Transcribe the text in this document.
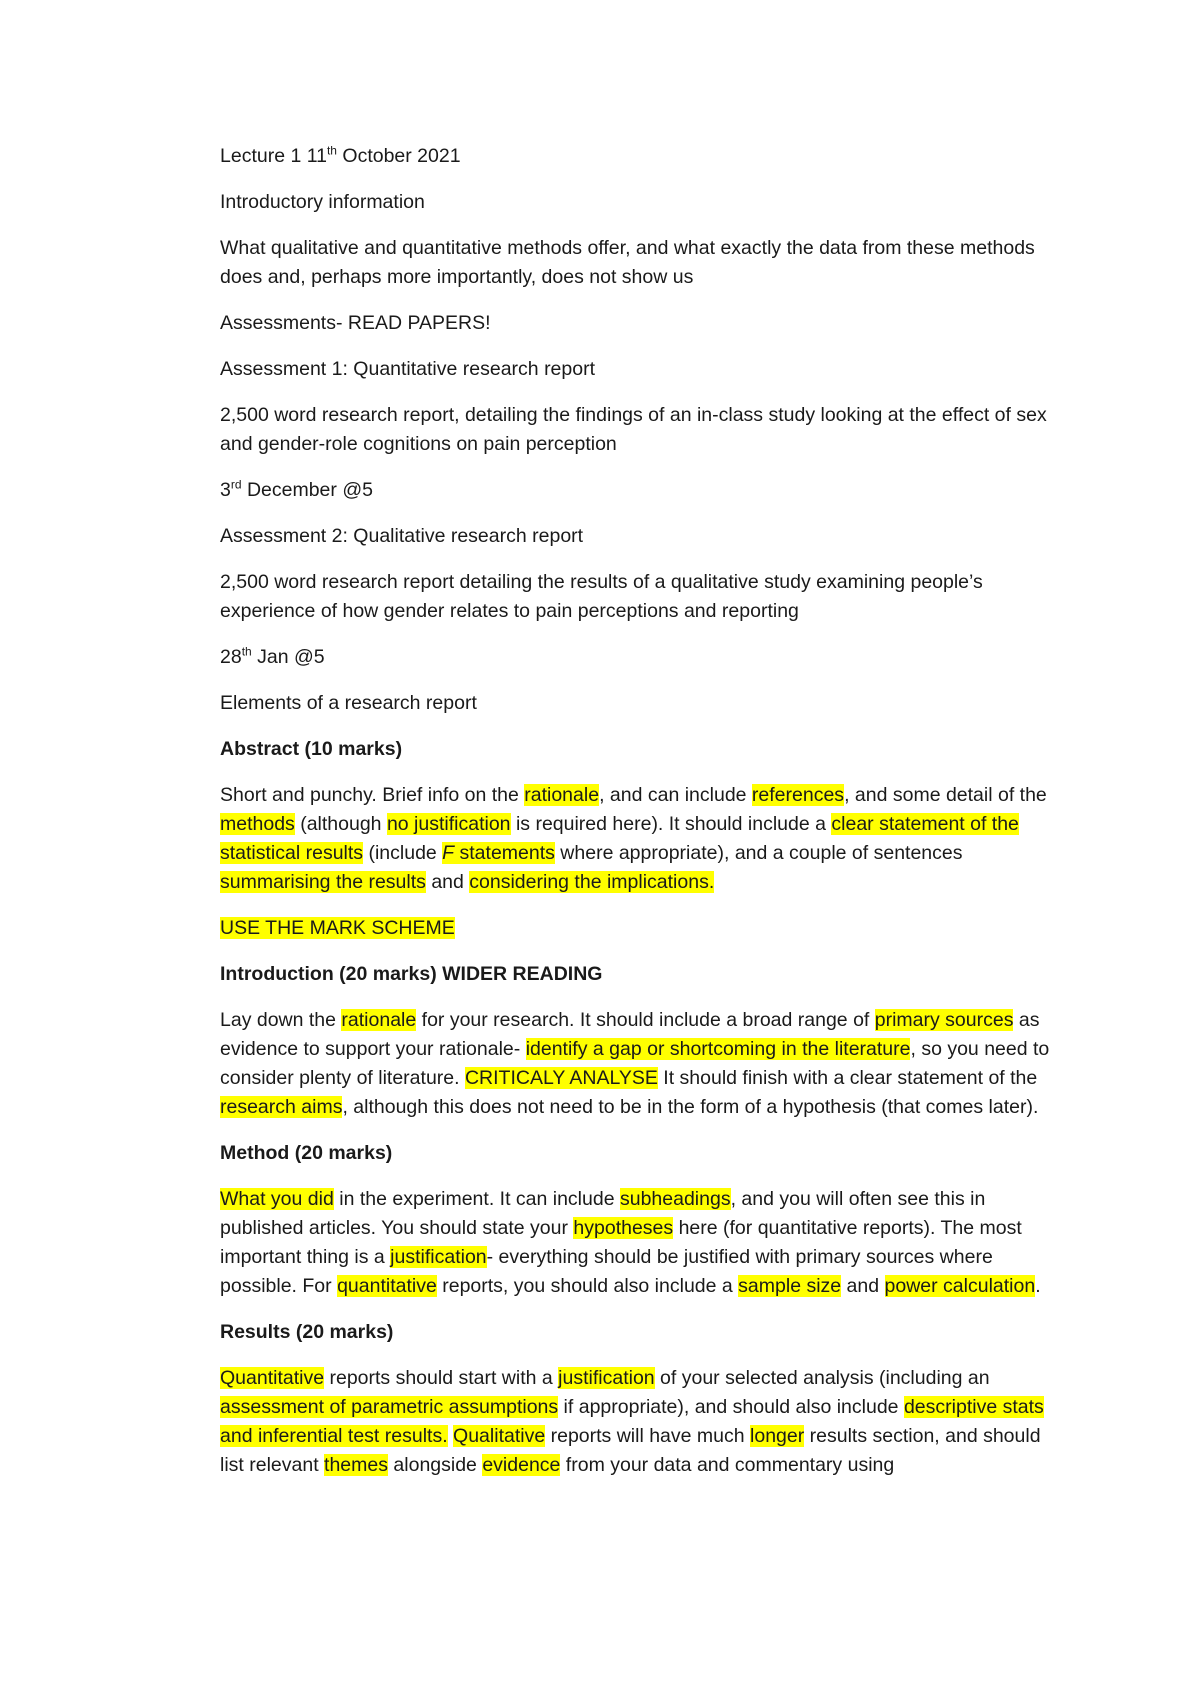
Lecture 1 11th October 2021

Introductory information

What qualitative and quantitative methods offer, and what exactly the data from these methods does and, perhaps more importantly, does not show us

Assessments- READ PAPERS!

Assessment 1: Quantitative research report

2,500 word research report, detailing the findings of an in-class study looking at the effect of sex and gender-role cognitions on pain perception

3rd December @5

Assessment 2: Qualitative research report

2,500 word research report detailing the results of a qualitative study examining people’s experience of how gender relates to pain perceptions and reporting

28th Jan @5

Elements of a research report

Abstract (10 marks)

Short and punchy. Brief info on the rationale, and can include references, and some detail of the methods (although no justification is required here). It should include a clear statement of the statistical results (include F statements where appropriate), and a couple of sentences summarising the results and considering the implications.

USE THE MARK SCHEME

Introduction (20 marks) WIDER READING

Lay down the rationale for your research. It should include a broad range of primary sources as evidence to support your rationale- identify a gap or shortcoming in the literature, so you need to consider plenty of literature. CRITICALY ANALYSE It should finish with a clear statement of the research aims, although this does not need to be in the form of a hypothesis (that comes later).

Method (20 marks)

What you did in the experiment. It can include subheadings, and you will often see this in published articles. You should state your hypotheses here (for quantitative reports). The most important thing is a justification- everything should be justified with primary sources where possible. For quantitative reports, you should also include a sample size and power calculation.

Results (20 marks)

Quantitative reports should start with a justification of your selected analysis (including an assessment of parametric assumptions if appropriate), and should also include descriptive stats and inferential test results. Qualitative reports will have much longer results section, and should list relevant themes alongside evidence from your data and commentary using
